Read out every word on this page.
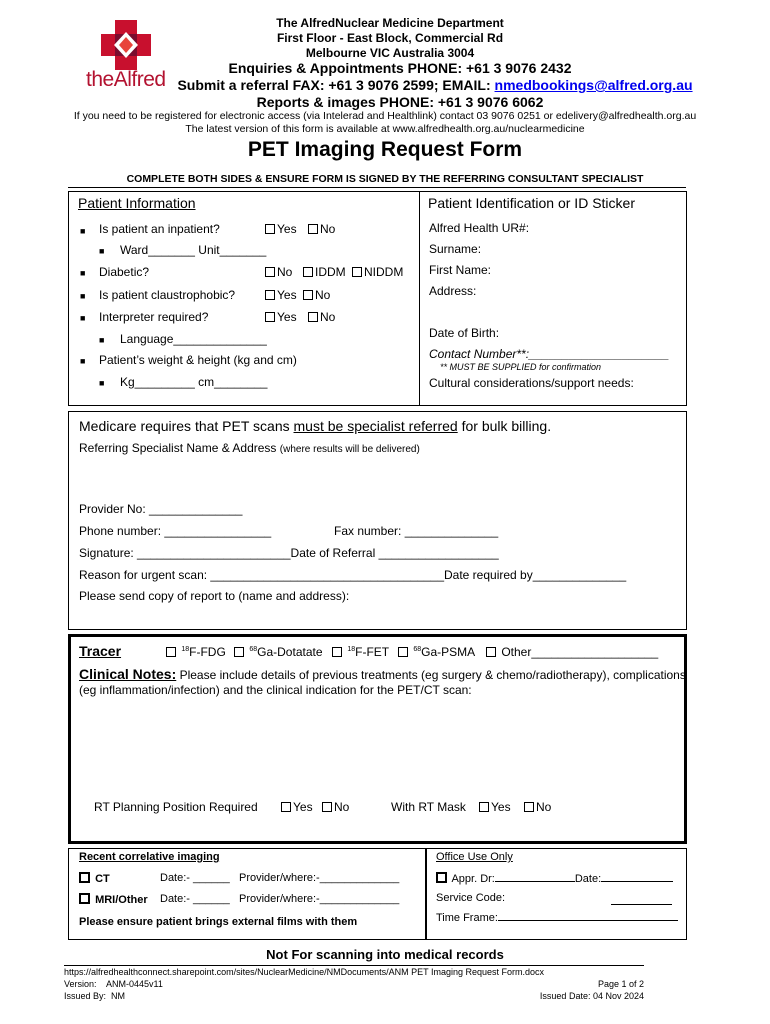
theAlfred
The AlfredNuclear Medicine Department
First Floor - East Block, Commercial Rd
Melbourne VIC Australia 3004
Enquiries & Appointments PHONE: +61 3 9076 2432
Submit a referral FAX: +61 3 9076 2599; EMAIL: nmedbookings@alfred.org.au
Reports & images PHONE: +61 3 9076 6062
If you need to be registered for electronic access (via Intelerad and Healthlink) contact 03 9076 0251 or edelivery@alfredhealth.org.au
The latest version of this form is available at www.alfredhealth.org.au/nuclearmedicine
PET Imaging Request Form
COMPLETE BOTH SIDES & ENSURE FORM IS SIGNED BY THE REFERRING CONSULTANT SPECIALIST
Patient Information
■ Is patient an inpatient?	Yes	No
■ Ward_______ Unit_______
■ Diabetic?	No	IDDM	NIDDM
■ Is patient claustrophobic?	Yes	No
■ Interpreter required?	Yes	No
■ Language______________
■ Patient’s weight & height (kg and cm)
■ Kg_________ cm________
Patient Identification or ID Sticker
Alfred Health UR#:
Surname:
First Name:
Address:
Date of Birth:
Contact Number**:_____________________
** MUST BE SUPPLIED for confirmation
Cultural considerations/support needs:
Medicare requires that PET scans must be specialist referred for bulk billing.
Referring Specialist Name & Address (where results will be delivered)
Provider No: ______________
Phone number: ________________	Fax number: ______________
Signature: _______________________Date of Referral __________________
Reason for urgent scan: ___________________________________Date required by______________
Please send copy of report to (name and address):
Tracer	$^{18}$F-FDG	$^{68}$Ga-Dotatate	$^{18}$F-FET	$^{68}$Ga-PSMA	Other___________________
Clinical Notes: Please include details of previous treatments (eg surgery & chemo/radiotherapy), complications
(eg inflammation/infection) and the clinical indication for the PET/CT scan:
RT Planning Position Required	Yes	No	With RT Mask	Yes	No
Recent correlative imaging
CT	Date:- ______ Provider/where:-_____________
MRI/Other Date:- ______ Provider/where:-_____________
Please ensure patient brings external films with them
Office Use Only
Appr. Dr:	Date:
Service Code:
Time Frame:
Not For scanning into medical records
https://alfredhealthconnect.sharepoint.com/sites/NuclearMedicine/NMDocuments/ANM PET Imaging Request Form.docx
Version:    ANM-0445v11
Issued By:  NM
Page 1 of 2
Issued Date: 04 Nov 2024
